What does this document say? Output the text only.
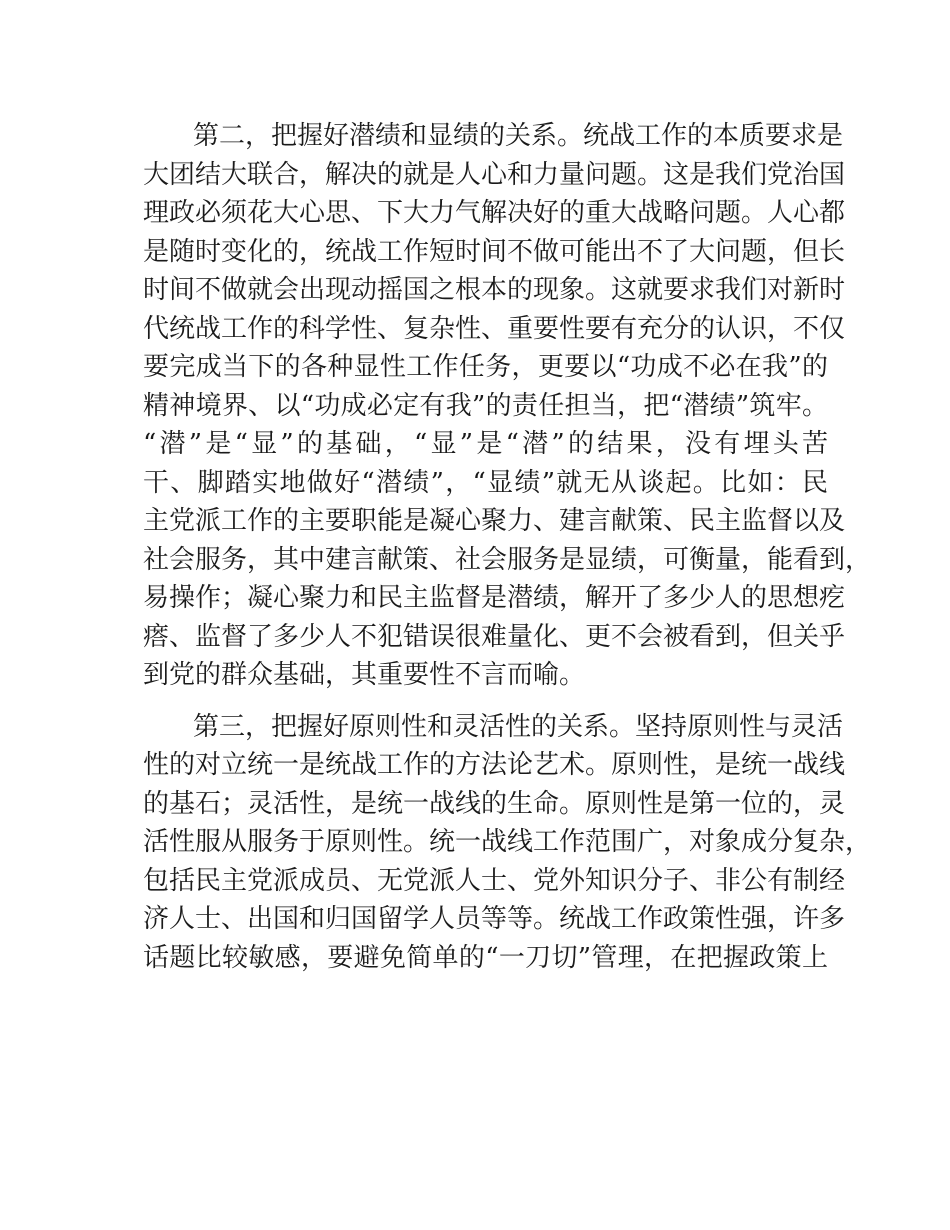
第二，把握好潜绩和显绩的关系。统战工作的本质要求是
大团结大联合，解决的就是人心和力量问题。这是我们党治国
理政必须花大心思、下大力气解决好的重大战略问题。人心都
是随时变化的，统战工作短时间不做可能出不了大问题，但长
时间不做就会出现动摇国之根本的现象。这就要求我们对新时
代统战工作的科学性、复杂性、重要性要有充分的认识，不仅
要完成当下的各种显性工作任务，更要以“功成不必在我”的
精神境界、以“功成必定有我”的责任担当，把“潜绩”筑牢。
“潜”是“显”的基础，“显”是“潜”的结果，没有埋头苦
干、脚踏实地做好“潜绩”，“显绩”就无从谈起。比如：民
主党派工作的主要职能是凝心聚力、建言献策、民主监督以及
社会服务，其中建言献策、社会服务是显绩，可衡量，能看到，
易操作；凝心聚力和民主监督是潜绩，解开了多少人的思想疙
瘩、监督了多少人不犯错误很难量化、更不会被看到，但关乎
到党的群众基础，其重要性不言而喻。
第三，把握好原则性和灵活性的关系。坚持原则性与灵活
性的对立统一是统战工作的方法论艺术。原则性，是统一战线
的基石；灵活性，是统一战线的生命。原则性是第一位的，灵
活性服从服务于原则性。统一战线工作范围广，对象成分复杂，
包括民主党派成员、无党派人士、党外知识分子、非公有制经
济人士、出国和归国留学人员等等。统战工作政策性强，许多
话题比较敏感，要避免简单的“一刀切”管理，在把握政策上
